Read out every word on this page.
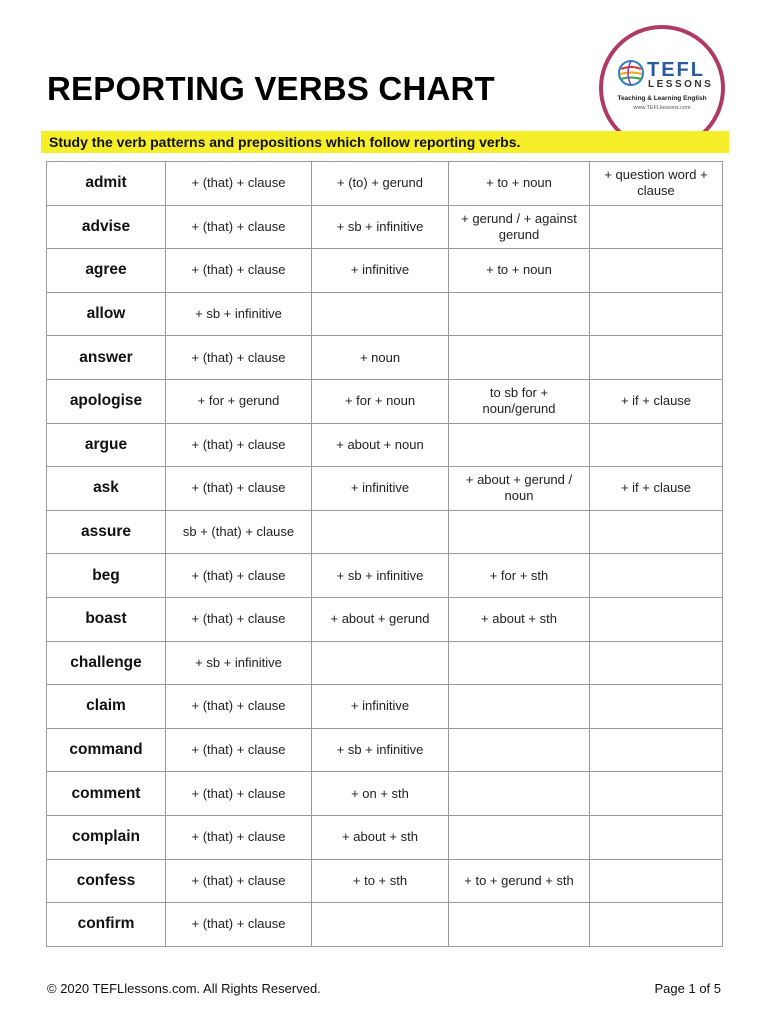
REPORTING VERBS CHART	TEFL
LESSONS
Teaching & Learning English
www.TEFLlessons.com
Study the verb patterns and prepositions which follow reporting verbs.
admit	+ (that) + clause	+ (to) + gerund	+ to + noun	+ question word + clause
advise	+ (that) + clause	+ sb + infinitive	+ gerund / + against gerund	
agree	+ (that) + clause	+ infinitive	+ to + noun	
allow	+ sb + infinitive			
answer	+ (that) + clause	+ noun		
apologise	+ for + gerund	+ for + noun	to sb for + noun/gerund	+ if + clause
argue	+ (that) + clause	+ about + noun		
ask	+ (that) + clause	+ infinitive	+ about + gerund / noun	+ if + clause
assure	sb + (that) + clause			
beg	+ (that) + clause	+ sb + infinitive	+ for + sth	
boast	+ (that) + clause	+ about + gerund	+ about + sth	
challenge	+ sb + infinitive			
claim	+ (that) + clause	+ infinitive		
command	+ (that) + clause	+ sb + infinitive		
comment	+ (that) + clause	+ on + sth		
complain	+ (that) + clause	+ about + sth		
confess	+ (that) + clause	+ to + sth	+ to + gerund + sth	
confirm	+ (that) + clause			
© 2020 TEFLlessons.com. All Rights Reserved.	Page 1 of 5
